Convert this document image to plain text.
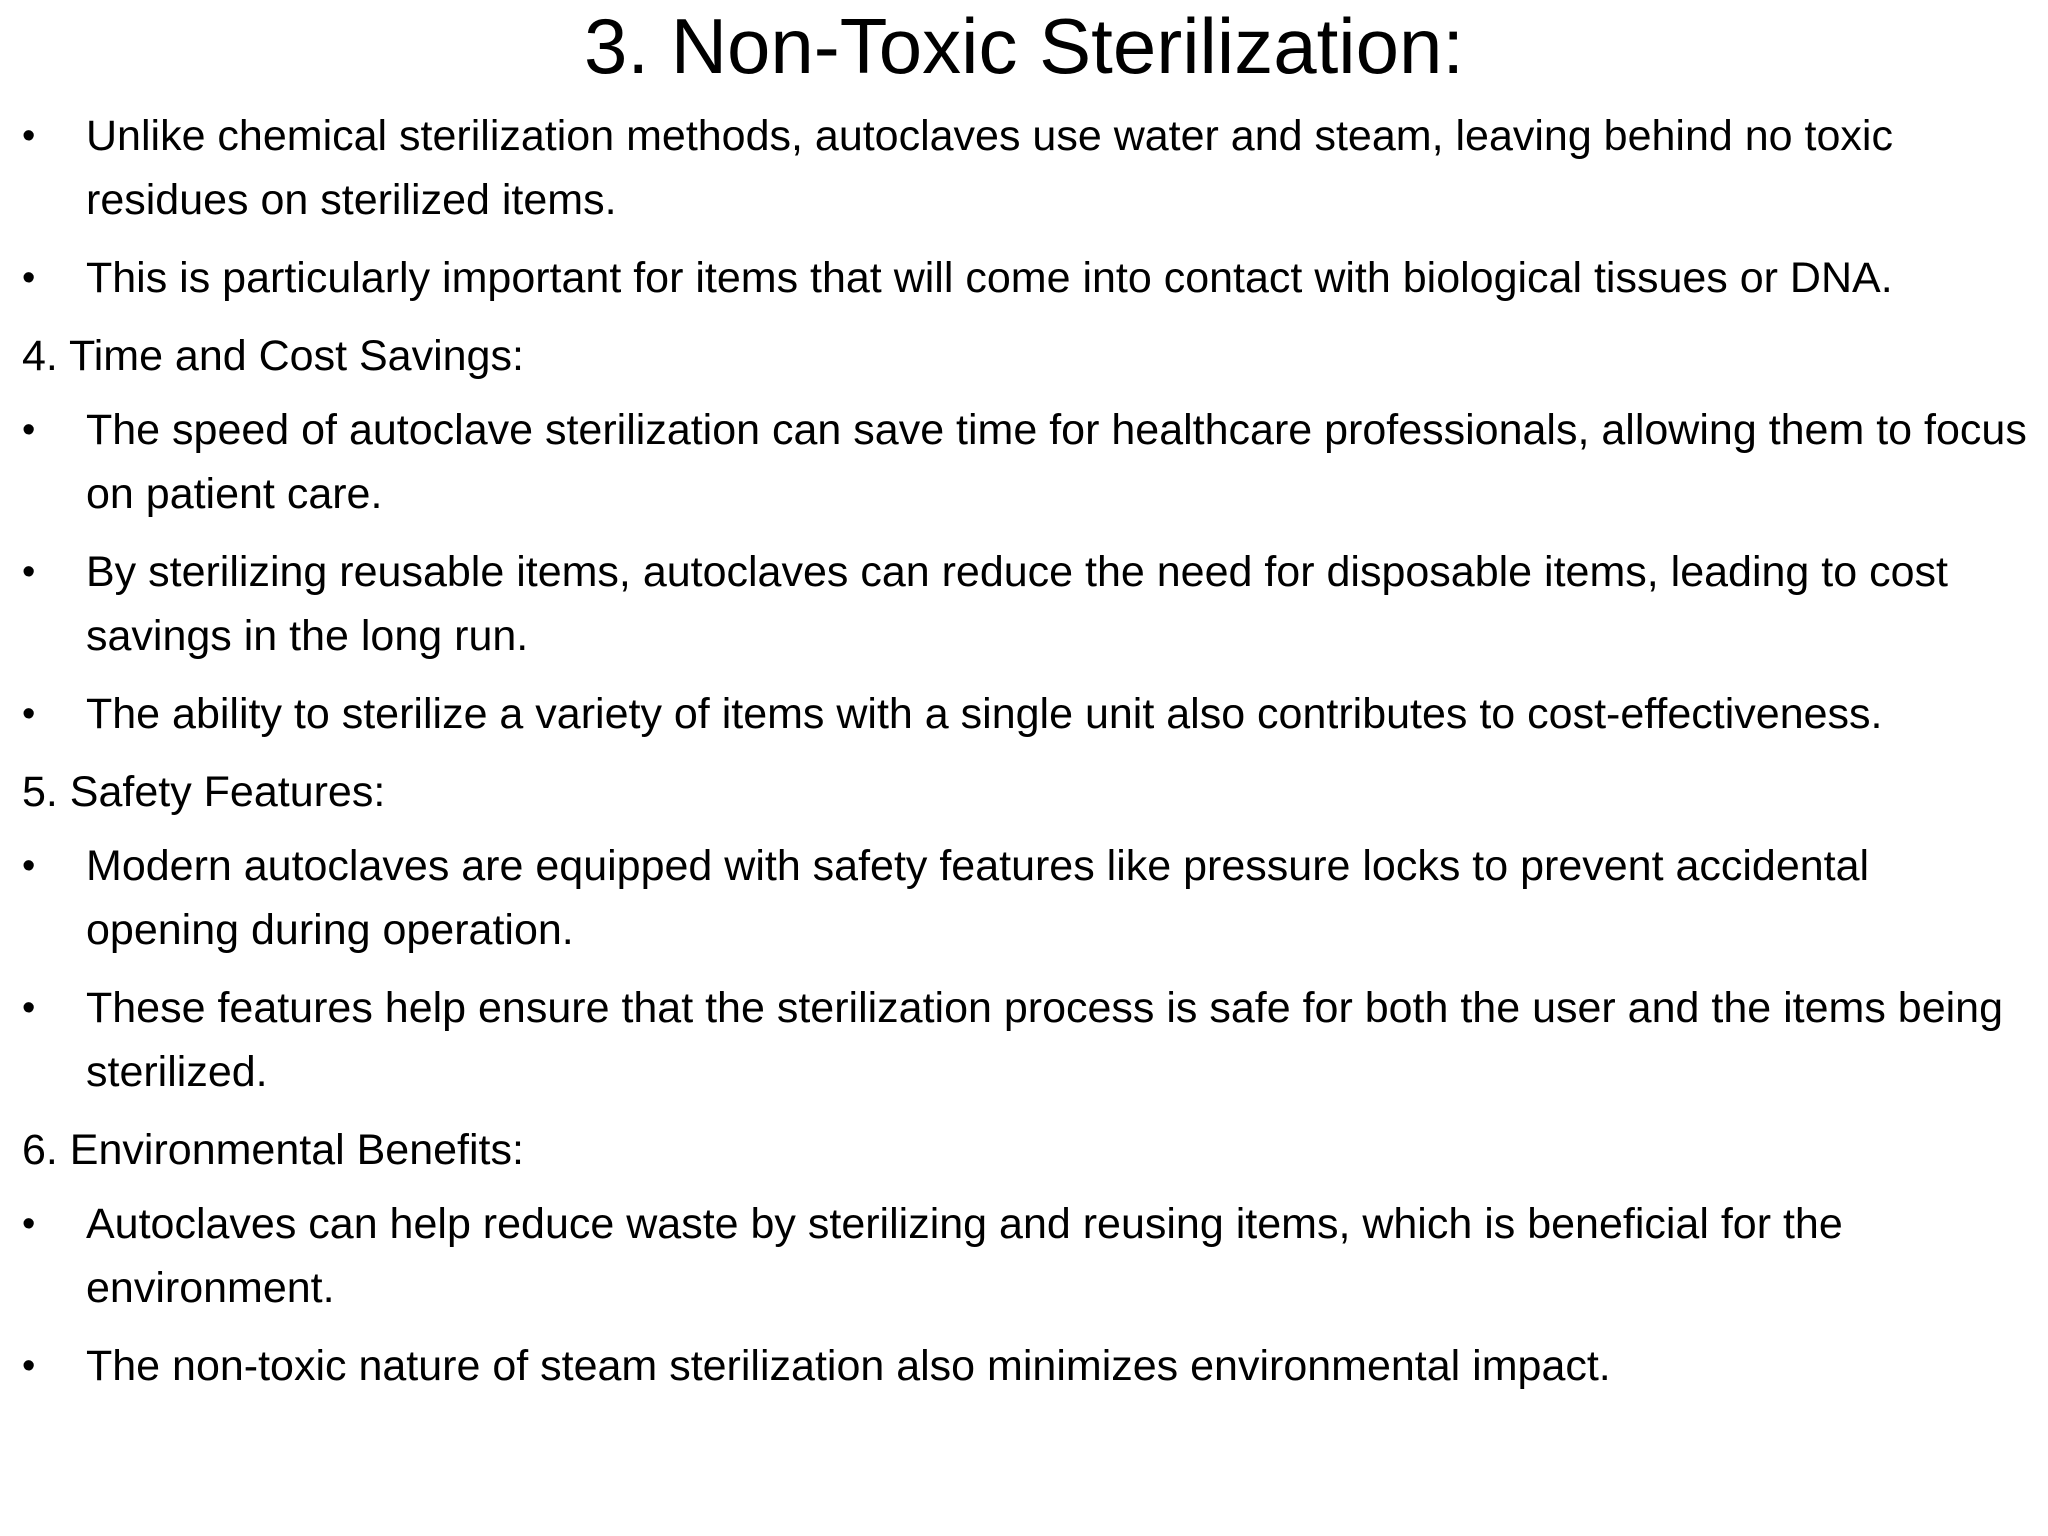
3. Non-Toxic Sterilization:
•	Unlike chemical sterilization methods, autoclaves use water and steam, leaving behind no toxic residues on sterilized items.
•	This is particularly important for items that will come into contact with biological tissues or DNA.
4. Time and Cost Savings:
•	The speed of autoclave sterilization can save time for healthcare professionals, allowing them to focus on patient care.
•	By sterilizing reusable items, autoclaves can reduce the need for disposable items, leading to cost savings in the long run.
•	The ability to sterilize a variety of items with a single unit also contributes to cost-effectiveness.
5. Safety Features:
•	Modern autoclaves are equipped with safety features like pressure locks to prevent accidental opening during operation.
•	These features help ensure that the sterilization process is safe for both the user and the items being sterilized.
6. Environmental Benefits:
•	Autoclaves can help reduce waste by sterilizing and reusing items, which is beneficial for the environment.
•	The non-toxic nature of steam sterilization also minimizes environmental impact.
